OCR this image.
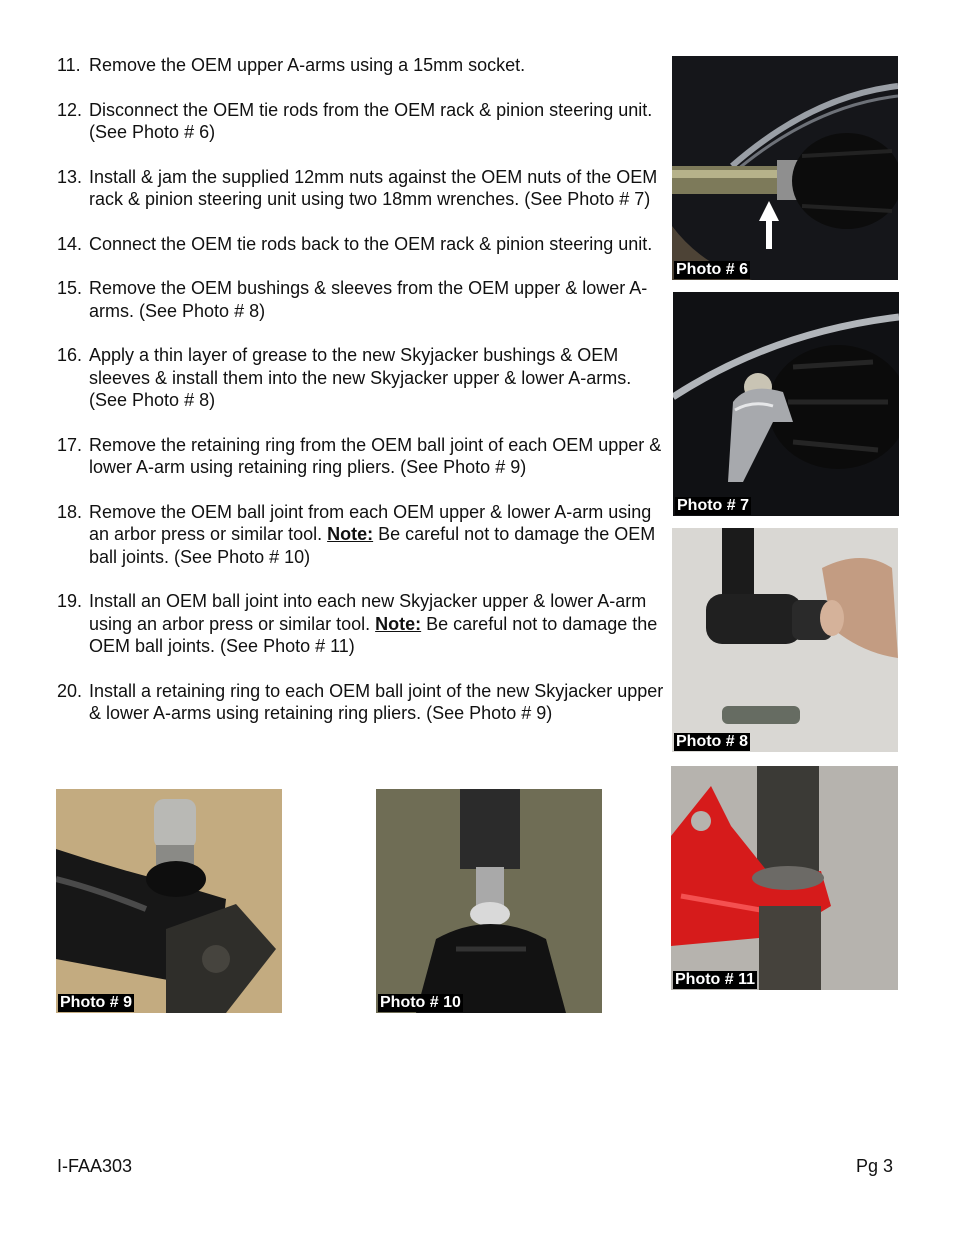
11. Remove the OEM upper A-arms using a 15mm socket.
12. Disconnect the OEM tie rods from the OEM rack & pinion steering unit. (See Photo # 6)
13. Install & jam the supplied 12mm nuts against the OEM nuts of the OEM rack & pinion steering unit using two 18mm wrenches. (See Photo # 7)
14. Connect the OEM tie rods back to the OEM rack & pinion steering unit.
15. Remove the OEM bushings & sleeves from the OEM upper & lower A-arms. (See Photo # 8)
16. Apply a thin layer of grease to the new Skyjacker bushings & OEM sleeves & install them into the new Skyjacker upper & lower A-arms. (See Photo # 8)
17. Remove the retaining ring from the OEM ball joint of each OEM upper & lower A-arm using retaining ring pliers. (See Photo # 9)
18. Remove the OEM ball joint from each OEM upper & lower A-arm using an arbor press or similar tool. Note: Be careful not to damage the OEM ball joints. (See Photo # 10)
19. Install an OEM ball joint into each new Skyjacker upper & lower A-arm using an arbor press or similar tool. Note: Be careful not to damage the OEM ball joints. (See Photo # 11)
20. Install a retaining ring to each OEM ball joint of the new Skyjacker upper & lower A-arms using retaining ring pliers. (See Photo # 9)
Photo # 6
Photo # 7
Photo # 8
Photo # 9	Photo # 10
Photo # 11
I-FAA303	Pg 3
